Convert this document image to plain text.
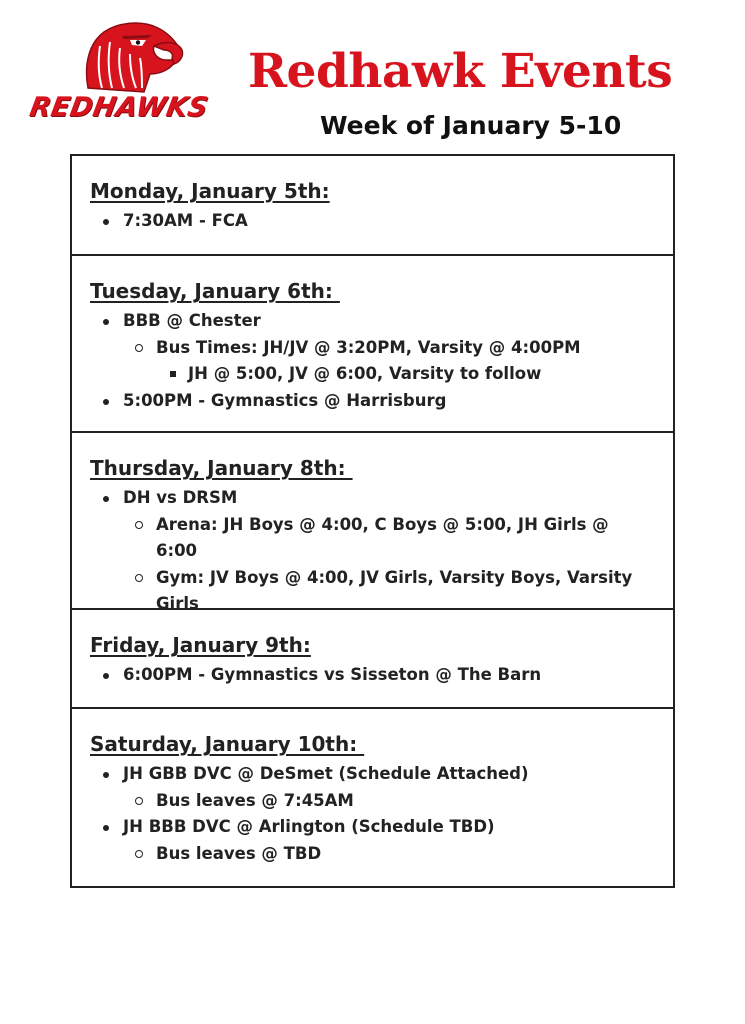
REDHAWKS
Redhawk Events
Week of January 5-10
Monday, January 5th:
7:30AM - FCA
Tuesday, January 6th:
BBB @ Chester
Bus Times: JH/JV @ 3:20PM, Varsity @ 4:00PM
JH @ 5:00, JV @ 6:00, Varsity to follow
5:00PM - Gymnastics @ Harrisburg
Thursday, January 8th:
DH vs DRSM
Arena: JH Boys @ 4:00, C Boys @ 5:00, JH Girls @ 6:00
Gym: JV Boys @ 4:00, JV Girls, Varsity Boys, Varsity Girls
Friday, January 9th:
6:00PM - Gymnastics vs Sisseton @ The Barn
Saturday, January 10th:
JH GBB DVC @ DeSmet (Schedule Attached)
Bus leaves @ 7:45AM
JH BBB DVC @ Arlington (Schedule TBD)
Bus leaves @ TBD
